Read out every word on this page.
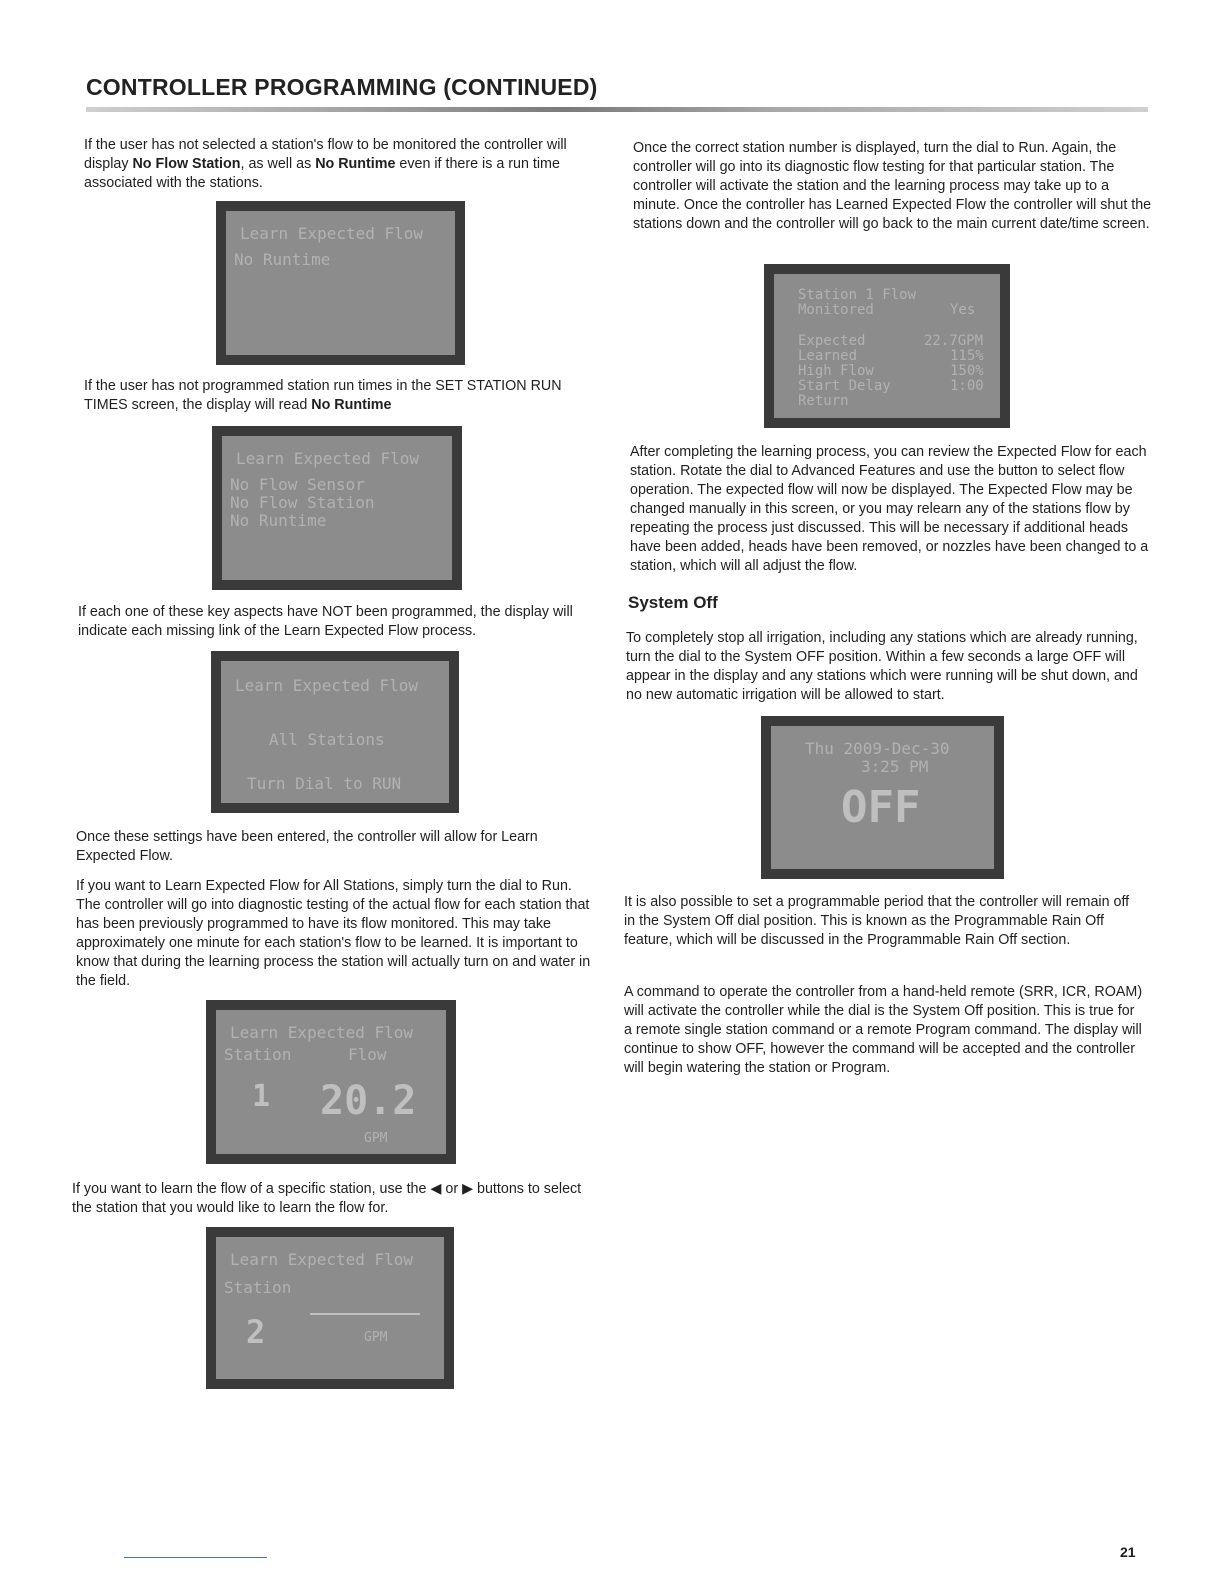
CONTROLLER PROGRAMMING (CONTINUED)
If the user has not selected a station's flow to be monitored the controller will display No Flow Station, as well as No Runtime even if there is a run time associated with the stations.
Learn Expected Flow
No Runtime
If the user has not programmed station run times in the SET STATION RUN TIMES screen, the display will read No Runtime
Learn Expected Flow
No Flow Sensor
No Flow Station
No Runtime
If each one of these key aspects have NOT been programmed, the display will indicate each missing link of the Learn Expected Flow process.
Learn Expected Flow
All Stations
Turn Dial to RUN
Once these settings have been entered, the controller will allow for Learn Expected Flow.
If you want to Learn Expected Flow for All Stations, simply turn the dial to Run. The controller will go into diagnostic testing of the actual flow for each station that has been previously programmed to have its flow monitored. This may take approximately one minute for each station's flow to be learned. It is important to know that during the learning process the station will actually turn on and water in the field.
Learn Expected Flow
Station	Flow
1 20.2
GPM
If you want to learn the flow of a specific station, use the ◀ or ▶ buttons to select the station that you would like to learn the flow for.
Learn Expected Flow
Station
2	GPM
Once the correct station number is displayed, turn the dial to Run. Again, the controller will go into its diagnostic flow testing for that particular station. The controller will activate the station and the learning process may take up to a minute. Once the controller has Learned Expected Flow the controller will shut the stations down and the controller will go back to the main current date/time screen.
Station 1 Flow
Monitored	Yes
Expected	22.7GPM
Learned	115%
High Flow	150%
Start Delay	1:00
Return
After completing the learning process, you can review the Expected Flow for each station. Rotate the dial to Advanced Features and use the button to select flow operation. The expected flow will now be displayed. The Expected Flow may be changed manually in this screen, or you may relearn any of the stations flow by repeating the process just discussed. This will be necessary if additional heads have been added, heads have been removed, or nozzles have been changed to a station, which will all adjust the flow.
System Off
To completely stop all irrigation, including any stations which are already running, turn the dial to the System OFF position. Within a few seconds a large OFF will appear in the display and any stations which were running will be shut down, and no new automatic irrigation will be allowed to start.
Thu 2009-Dec-30
3:25 PM
OFF
It is also possible to set a programmable period that the controller will remain off in the System Off dial position. This is known as the Programmable Rain Off feature, which will be discussed in the Programmable Rain Off section.
A command to operate the controller from a hand-held remote (SRR, ICR, ROAM) will activate the controller while the dial is the System Off position. This is true for a remote single station command or a remote Program command. The display will continue to show OFF, however the command will be accepted and the controller will begin watering the station or Program.
21
